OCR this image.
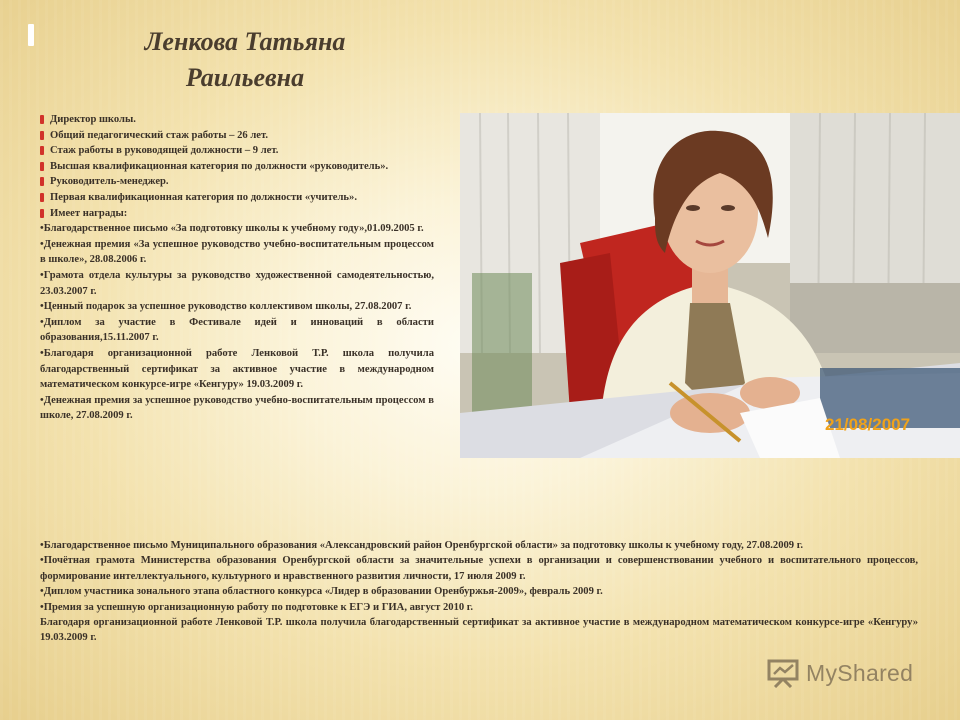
Ленкова Татьяна
Раильевна
Директор школы.
Общий педагогический стаж работы – 26 лет.
Стаж работы в руководящей должности – 9 лет.
Высшая квалификационная категория по должности «руководитель».
Руководитель-менеджер.
Первая квалификационная категория по должности «учитель».
Имеет награды:
•Благодарственное письмо «За подготовку школы к учебному году»,01.09.2005 г.
•Денежная премия «За успешное руководство учебно-воспитательным процессом в школе», 28.08.2006 г.
•Грамота отдела культуры за руководство художественной самодеятельностью, 23.03.2007 г.
•Ценный подарок за успешное руководство коллективом школы, 27.08.2007 г.
•Диплом за участие в Фестивале идей и инноваций в области образования,15.11.2007 г.
•Благодаря организационной работе Ленковой Т.Р. школа получила благодарственный сертификат за активное участие в международном математическом конкурсе-игре «Кенгуру» 19.03.2009 г.
•Денежная премия за успешное руководство учебно-воспитательным процессом в школе, 27.08.2009 г.	21/08/2007
•Благодарственное письмо Муниципального образования «Александровский район Оренбургской области» за подготовку школы к учебному году, 27.08.2009 г.
•Почётная грамота Министерства образования Оренбургской области за значительные успехи в организации и совершенствовании учебного и воспитательного процессов, формирование интеллектуального, культурного и нравственного развития личности, 17 июля 2009 г.
•Диплом участника зонального этапа областного конкурса «Лидер в образовании Оренбуржья-2009», февраль 2009 г.
•Премия за успешную организационную работу по подготовке к ЕГЭ и ГИА, август 2010 г.
Благодаря организационной работе Ленковой Т.Р. школа получила благодарственный сертификат за активное участие в международном математическом конкурсе-игре «Кенгуру» 19.03.2009 г.
MyShared
